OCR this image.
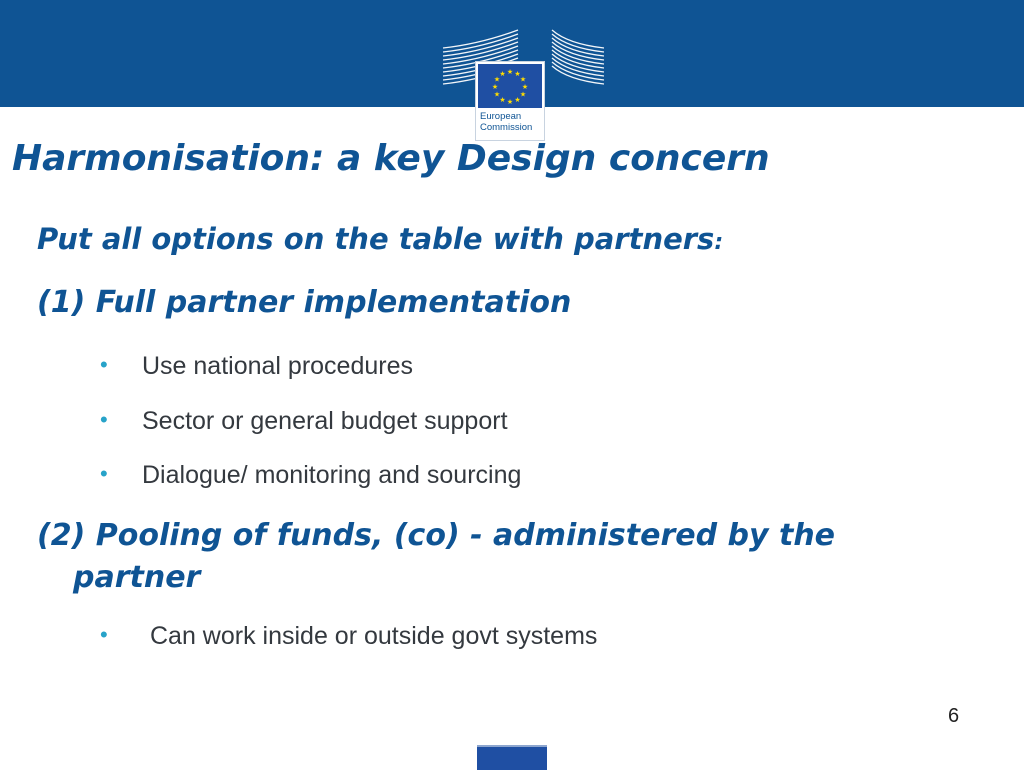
★ ★
★
★
★
★
★
★
★
★
★
★
European
Commission
Harmonisation: a key Design concern
Put all options on the table with partners:
(1) Full partner implementation
• Use national procedures
• Sector or general budget support
• Dialogue/ monitoring and sourcing
(2) Pooling of funds, (co) - administered by the
partner
• Can work inside or outside govt systems
6
